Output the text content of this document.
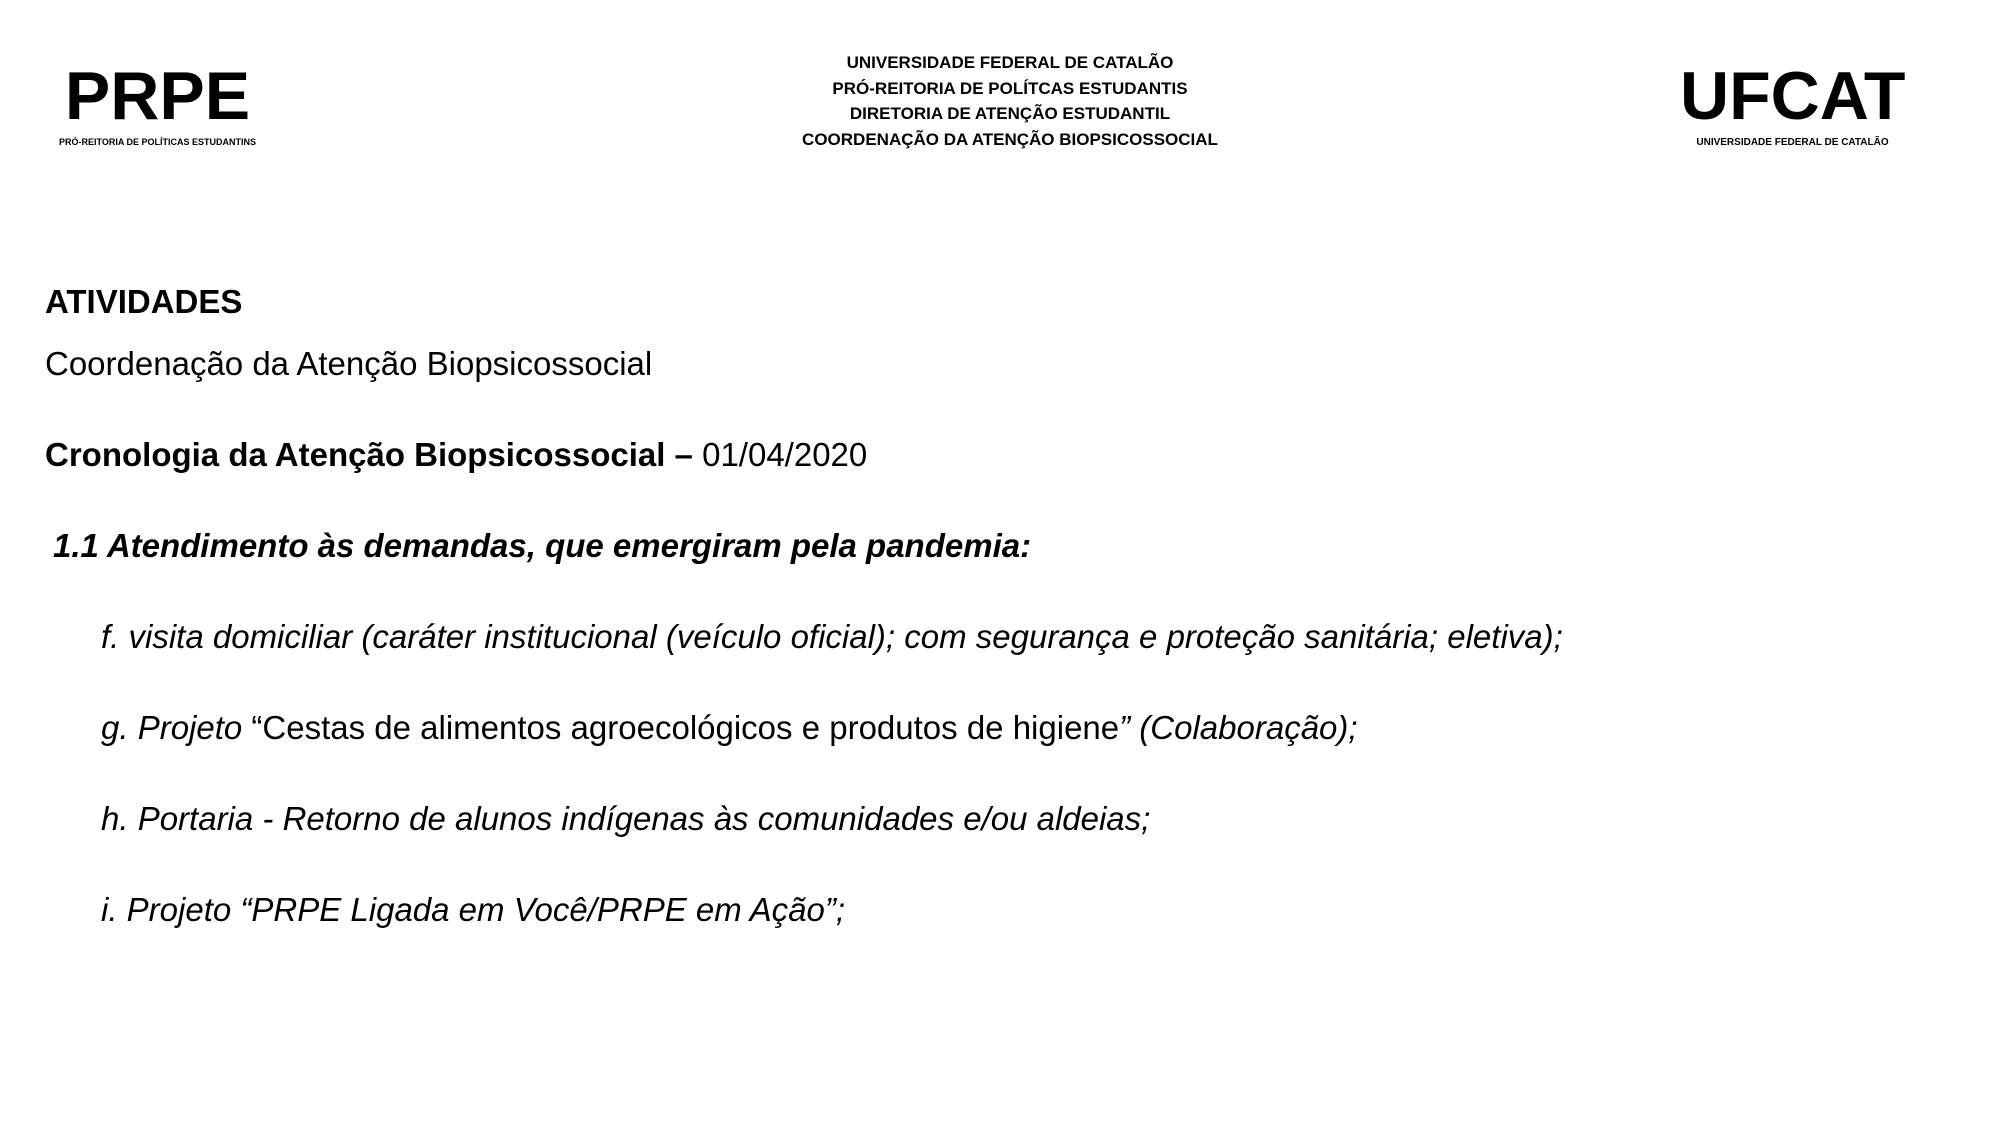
PRPE
PRÓ-REITORIA DE POLÍTICAS ESTUDANTINS
UNIVERSIDADE FEDERAL DE CATALÃO
PRÓ-REITORIA DE POLÍTCAS ESTUDANTIS
DIRETORIA DE ATENÇÃO ESTUDANTIL
COORDENAÇÃO DA ATENÇÃO BIOPSICOSSOCIAL
UFCAT
UNIVERSIDADE FEDERAL DE CATALÃO
ATIVIDADES
Coordenação da Atenção Biopsicossocial
Cronologia da Atenção Biopsicossocial – 01/04/2020
1.1 Atendimento às demandas, que emergiram pela pandemia:
f. visita domiciliar (caráter institucional (veículo oficial); com segurança e proteção sanitária; eletiva);
g. Projeto “Cestas de alimentos agroecológicos e produtos de higiene” (Colaboração);
h. Portaria - Retorno de alunos indígenas às comunidades e/ou aldeias;
i. Projeto “PRPE Ligada em Você/PRPE em Ação”;
